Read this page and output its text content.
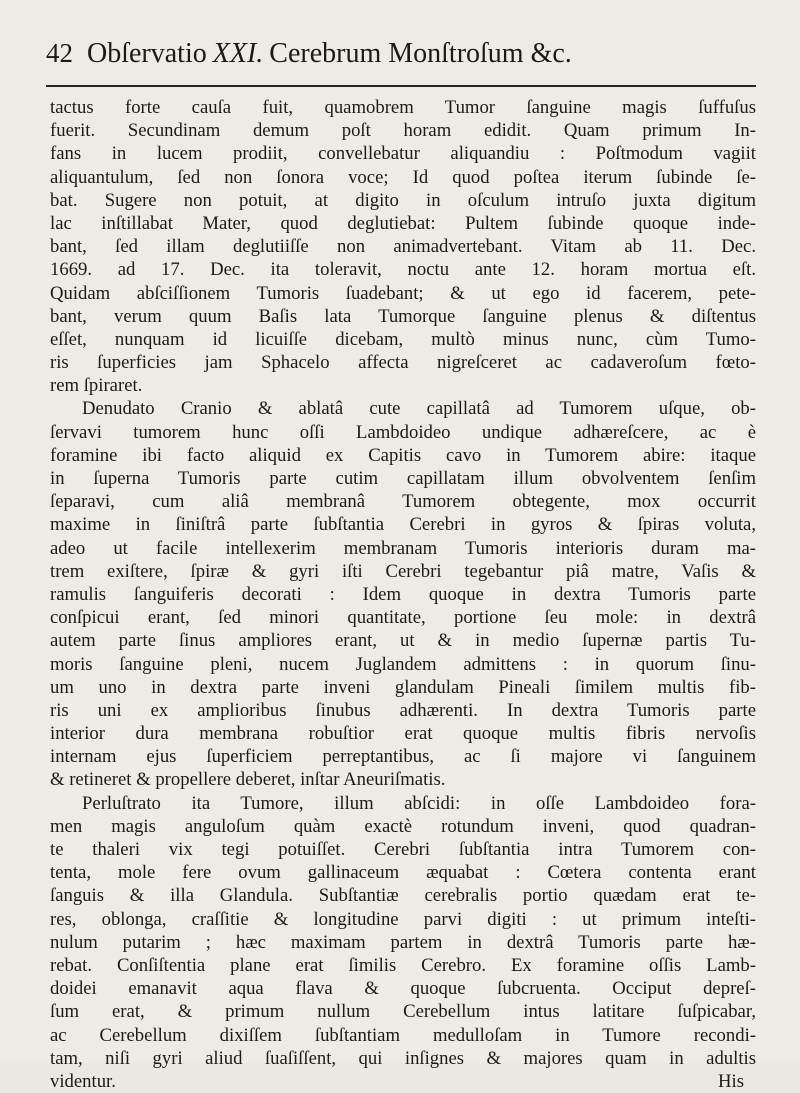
42 Obſervatio XXI. Cerebrum Monſtroſum &c.
tactus forte cauſa fuit, quamobrem Tumor ſanguine magis ſuffuſus
fuerit. Secundinam demum poſt horam edidit. Quam primum In-
fans in lucem prodiit, convellebatur aliquandiu : Poſtmodum vagiit
aliquantulum, ſed non ſonora voce; Id quod poſtea iterum ſubinde ſe-
bat. Sugere non potuit, at digito in oſculum intruſo juxta digitum
lac inſtillabat Mater, quod deglutiebat: Pultem ſubinde quoque inde-
bant, ſed illam deglutiiſſe non animadvertebant. Vitam ab 11. Dec.
1669. ad 17. Dec. ita toleravit, noctu ante 12. horam mortua eſt.
Quidam abſciſſionem Tumoris ſuadebant; & ut ego id facerem, pete-
bant, verum quum Baſis lata Tumorque ſanguine plenus & diſtentus
eſſet, nunquam id licuiſſe dicebam, multò minus nunc, cùm Tumo-
ris ſuperficies jam Sphacelo affecta nigreſceret ac cadaveroſum fœto-
rem ſpiraret.
Denudato Cranio & ablatâ cute capillatâ ad Tumorem uſque, ob-
ſervavi tumorem hunc oſſi Lambdoideo undique adhæreſcere, ac è
foramine ibi facto aliquid ex Capitis cavo in Tumorem abire: itaque
in ſuperna Tumoris parte cutim capillatam illum obvolventem ſenſim
ſeparavi, cum aliâ membranâ Tumorem obtegente, mox occurrit
maxime in ſiniſtrâ parte ſubſtantia Cerebri in gyros & ſpiras voluta,
adeo ut facile intellexerim membranam Tumoris interioris duram ma-
trem exiſtere, ſpiræ & gyri iſti Cerebri tegebantur piâ matre, Vaſis &
ramulis ſanguiferis decorati : Idem quoque in dextra Tumoris parte
conſpicui erant, ſed minori quantitate, portione ſeu mole: in dextrâ
autem parte ſinus ampliores erant, ut & in medio ſupernæ partis Tu-
moris ſanguine pleni, nucem Juglandem admittens : in quorum ſinu-
um uno in dextra parte inveni glandulam Pineali ſimilem multis fib-
ris uni ex amplioribus ſinubus adhærenti. In dextra Tumoris parte
interior dura membrana robuſtior erat quoque multis fibris nervoſis
internam ejus ſuperficiem perreptantibus, ac ſi majore vi ſanguinem
& retineret & propellere deberet, inſtar Aneuriſmatis.
Perluſtrato ita Tumore, illum abſcidi: in oſſe Lambdoideo fora-
men magis anguloſum quàm exactè rotundum inveni, quod quadran-
te thaleri vix tegi potuiſſet. Cerebri ſubſtantia intra Tumorem con-
tenta, mole fere ovum gallinaceum æquabat : Cœtera contenta erant
ſanguis & illa Glandula. Subſtantiæ cerebralis portio quædam erat te-
res, oblonga, craſſitie & longitudine parvi digiti : ut primum inteſti-
nulum putarim ; hæc maximam partem in dextrâ Tumoris parte hæ-
rebat. Conſiſtentia plane erat ſimilis Cerebro. Ex foramine oſſis Lamb-
doidei emanavit aqua flava & quoque ſubcruenta. Occiput depreſ-
ſum erat, & primum nullum Cerebellum intus latitare ſuſpicabar,
ac Cerebellum dixiſſem ſubſtantiam medulloſam in Tumore recondi-
tam, niſi gyri aliud ſuaſiſſent, qui inſignes & majores quam in adultis
videntur.	His
